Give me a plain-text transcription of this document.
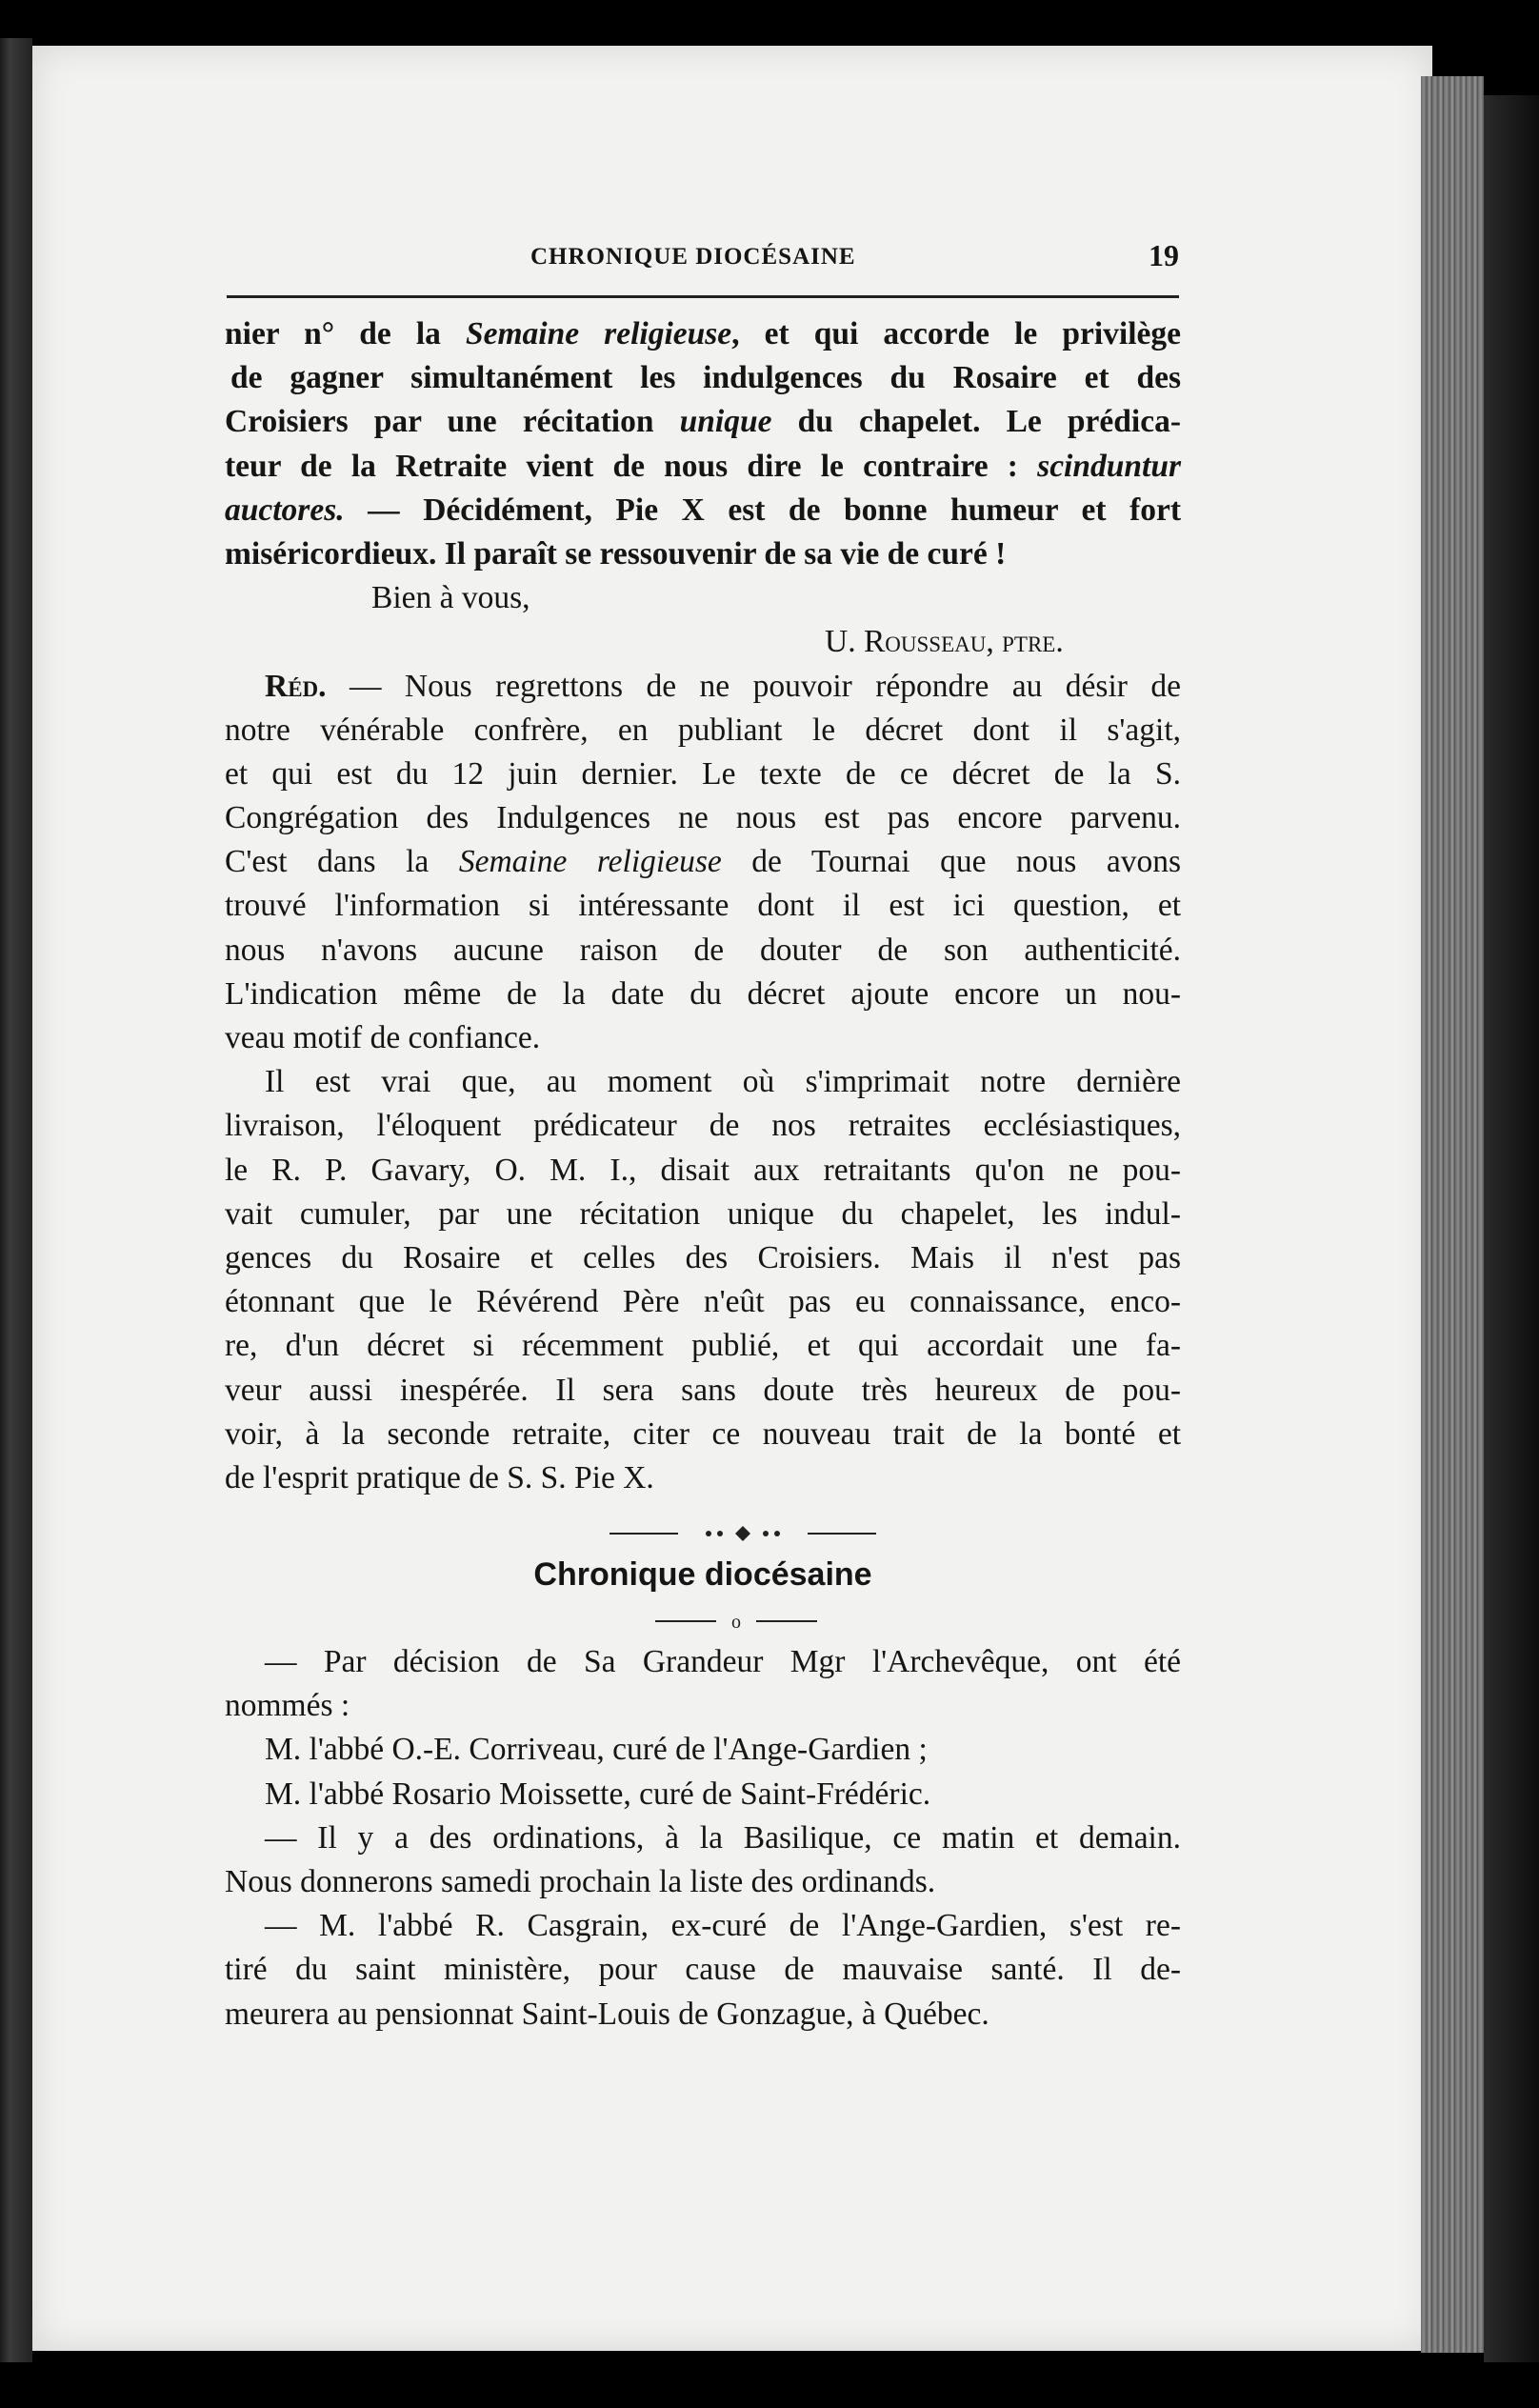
CHRONIQUE DIOCÉSAINE	19
nier n° de la Semaine religieuse, et qui accorde le privilège
de gagner simultanément les indulgences du Rosaire et des
Croisiers par une récitation unique du chapelet. Le prédica-
teur de la Retraite vient de nous dire le contraire : scinduntur
auctores. — Décidément, Pie X est de bonne humeur et fort
miséricordieux. Il paraît se ressouvenir de sa vie de curé !
Bien à vous,
U. Rousseau, ptre.
Réd. — Nous regrettons de ne pouvoir répondre au désir de
notre vénérable confrère, en publiant le décret dont il s'agit,
et qui est du 12 juin dernier. Le texte de ce décret de la S.
Congrégation des Indulgences ne nous est pas encore parvenu.
C'est dans la Semaine religieuse de Tournai que nous avons
trouvé l'information si intéressante dont il est ici question, et
nous n'avons aucune raison de douter de son authenticité.
L'indication même de la date du décret ajoute encore un nou-
veau motif de confiance.
Il est vrai que, au moment où s'imprimait notre dernière
livraison, l'éloquent prédicateur de nos retraites ecclésiastiques,
le R. P. Gavary, O. M. I., disait aux retraitants qu'on ne pou-
vait cumuler, par une récitation unique du chapelet, les indul-
gences du Rosaire et celles des Croisiers. Mais il n'est pas
étonnant que le Révérend Père n'eût pas eu connaissance, enco-
re, d'un décret si récemment publié, et qui accordait une fa-
veur aussi inespérée. Il sera sans doute très heureux de pou-
voir, à la seconde retraite, citer ce nouveau trait de la bonté et
de l'esprit pratique de S. S. Pie X.
Chronique diocésaine
o
— Par décision de Sa Grandeur Mgr l'Archevêque, ont été
nommés :
M. l'abbé O.-E. Corriveau, curé de l'Ange-Gardien ;
M. l'abbé Rosario Moissette, curé de Saint-Frédéric.
— Il y a des ordinations, à la Basilique, ce matin et demain.
Nous donnerons samedi prochain la liste des ordinands.
— M. l'abbé R. Casgrain, ex-curé de l'Ange-Gardien, s'est re-
tiré du saint ministère, pour cause de mauvaise santé. Il de-
meurera au pensionnat Saint-Louis de Gonzague, à Québec.
